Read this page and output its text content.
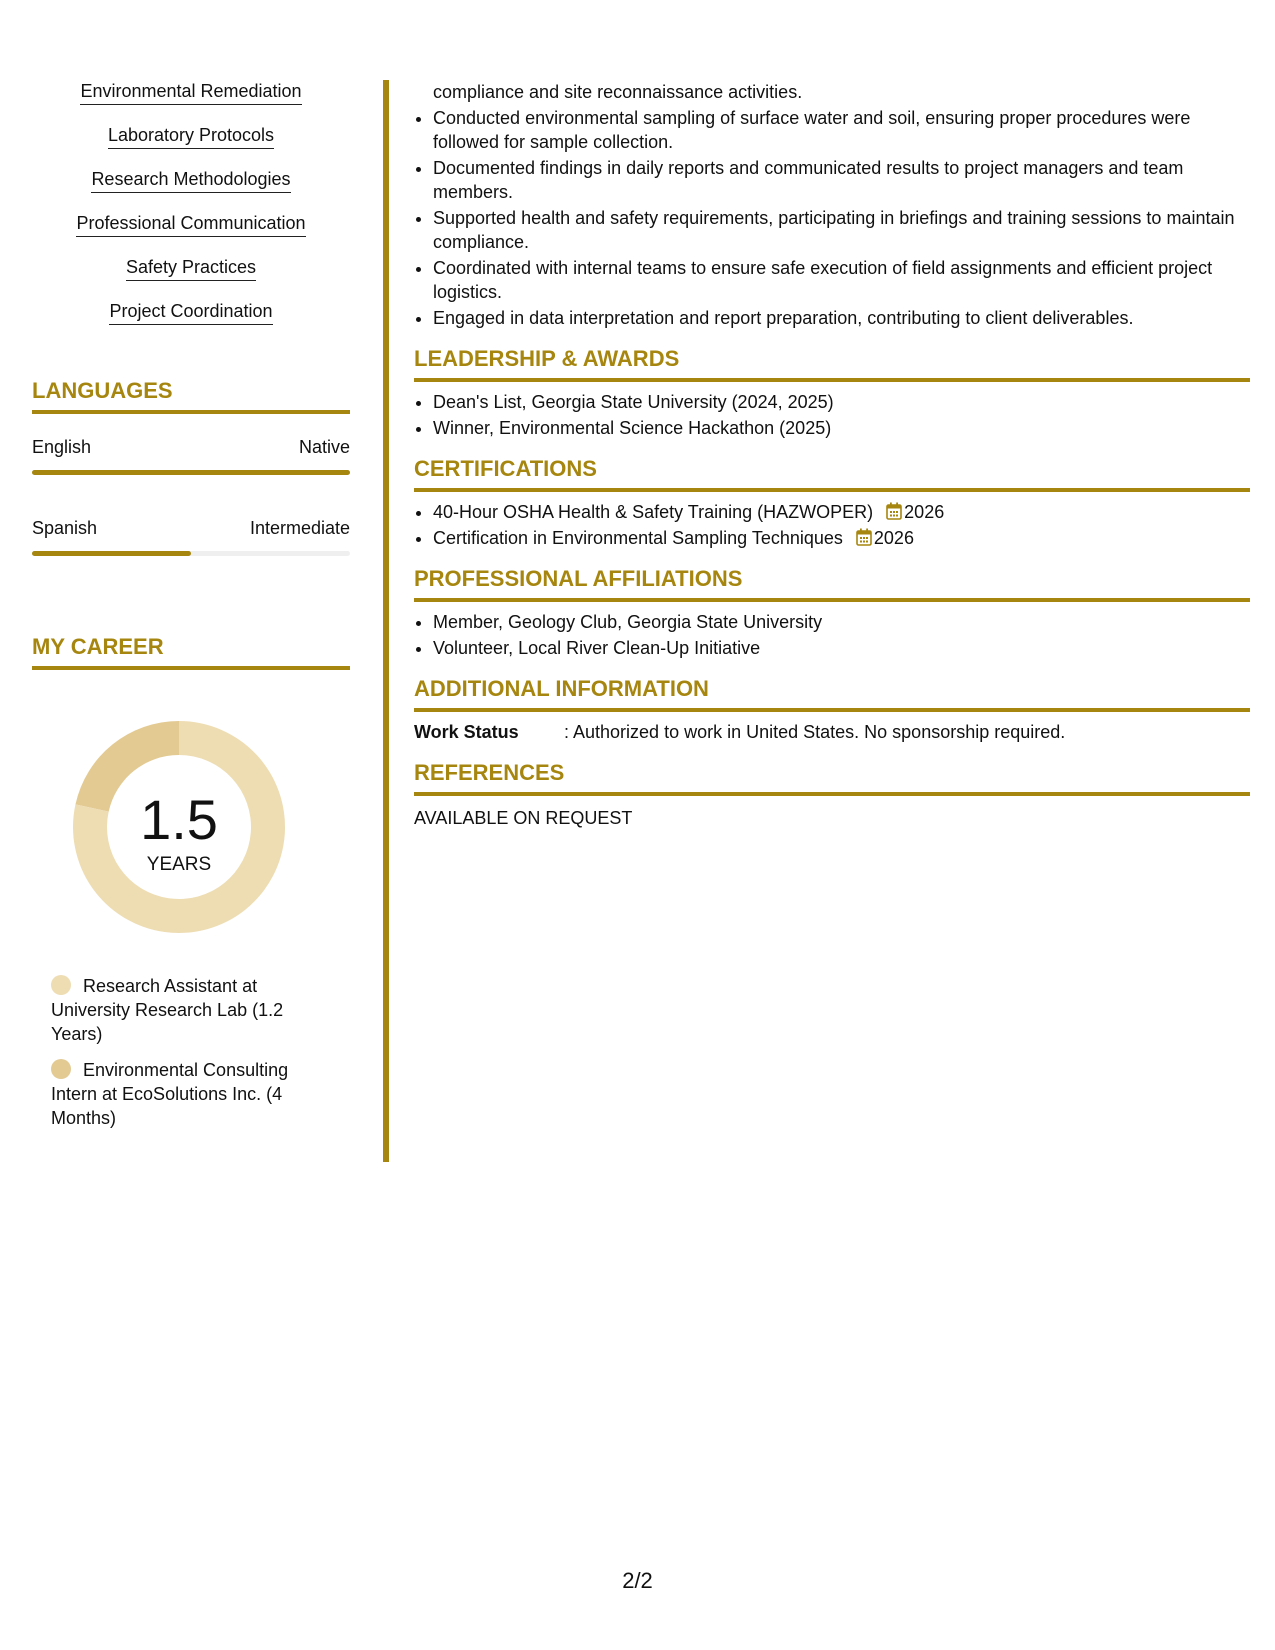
Environmental Remediation
Laboratory Protocols
Research Methodologies
Professional Communication
Safety Practices
Project Coordination
LANGUAGES
English	Native
Spanish	Intermediate
MY CAREER
1.5
YEARS
Research Assistant at University Research Lab (1.2 Years)
Environmental Consulting Intern at EcoSolutions Inc. (4 Months)
compliance and site reconnaissance activities.
• Conducted environmental sampling of surface water and soil, ensuring proper procedures were followed for sample collection.
• Documented findings in daily reports and communicated results to project managers and team members.
• Supported health and safety requirements, participating in briefings and training sessions to maintain compliance.
• Coordinated with internal teams to ensure safe execution of field assignments and efficient project logistics.
• Engaged in data interpretation and report preparation, contributing to client deliverables.
LEADERSHIP & AWARDS
• Dean's List, Georgia State University (2024, 2025)
• Winner, Environmental Science Hackathon (2025)
CERTIFICATIONS
• 40-Hour OSHA Health & Safety Training (HAZWOPER) 2026
• Certification in Environmental Sampling Techniques 2026
PROFESSIONAL AFFILIATIONS
• Member, Geology Club, Georgia State University
• Volunteer, Local River Clean-Up Initiative
ADDITIONAL INFORMATION
Work Status	: Authorized to work in United States. No sponsorship required.
REFERENCES
AVAILABLE ON REQUEST
2/2
